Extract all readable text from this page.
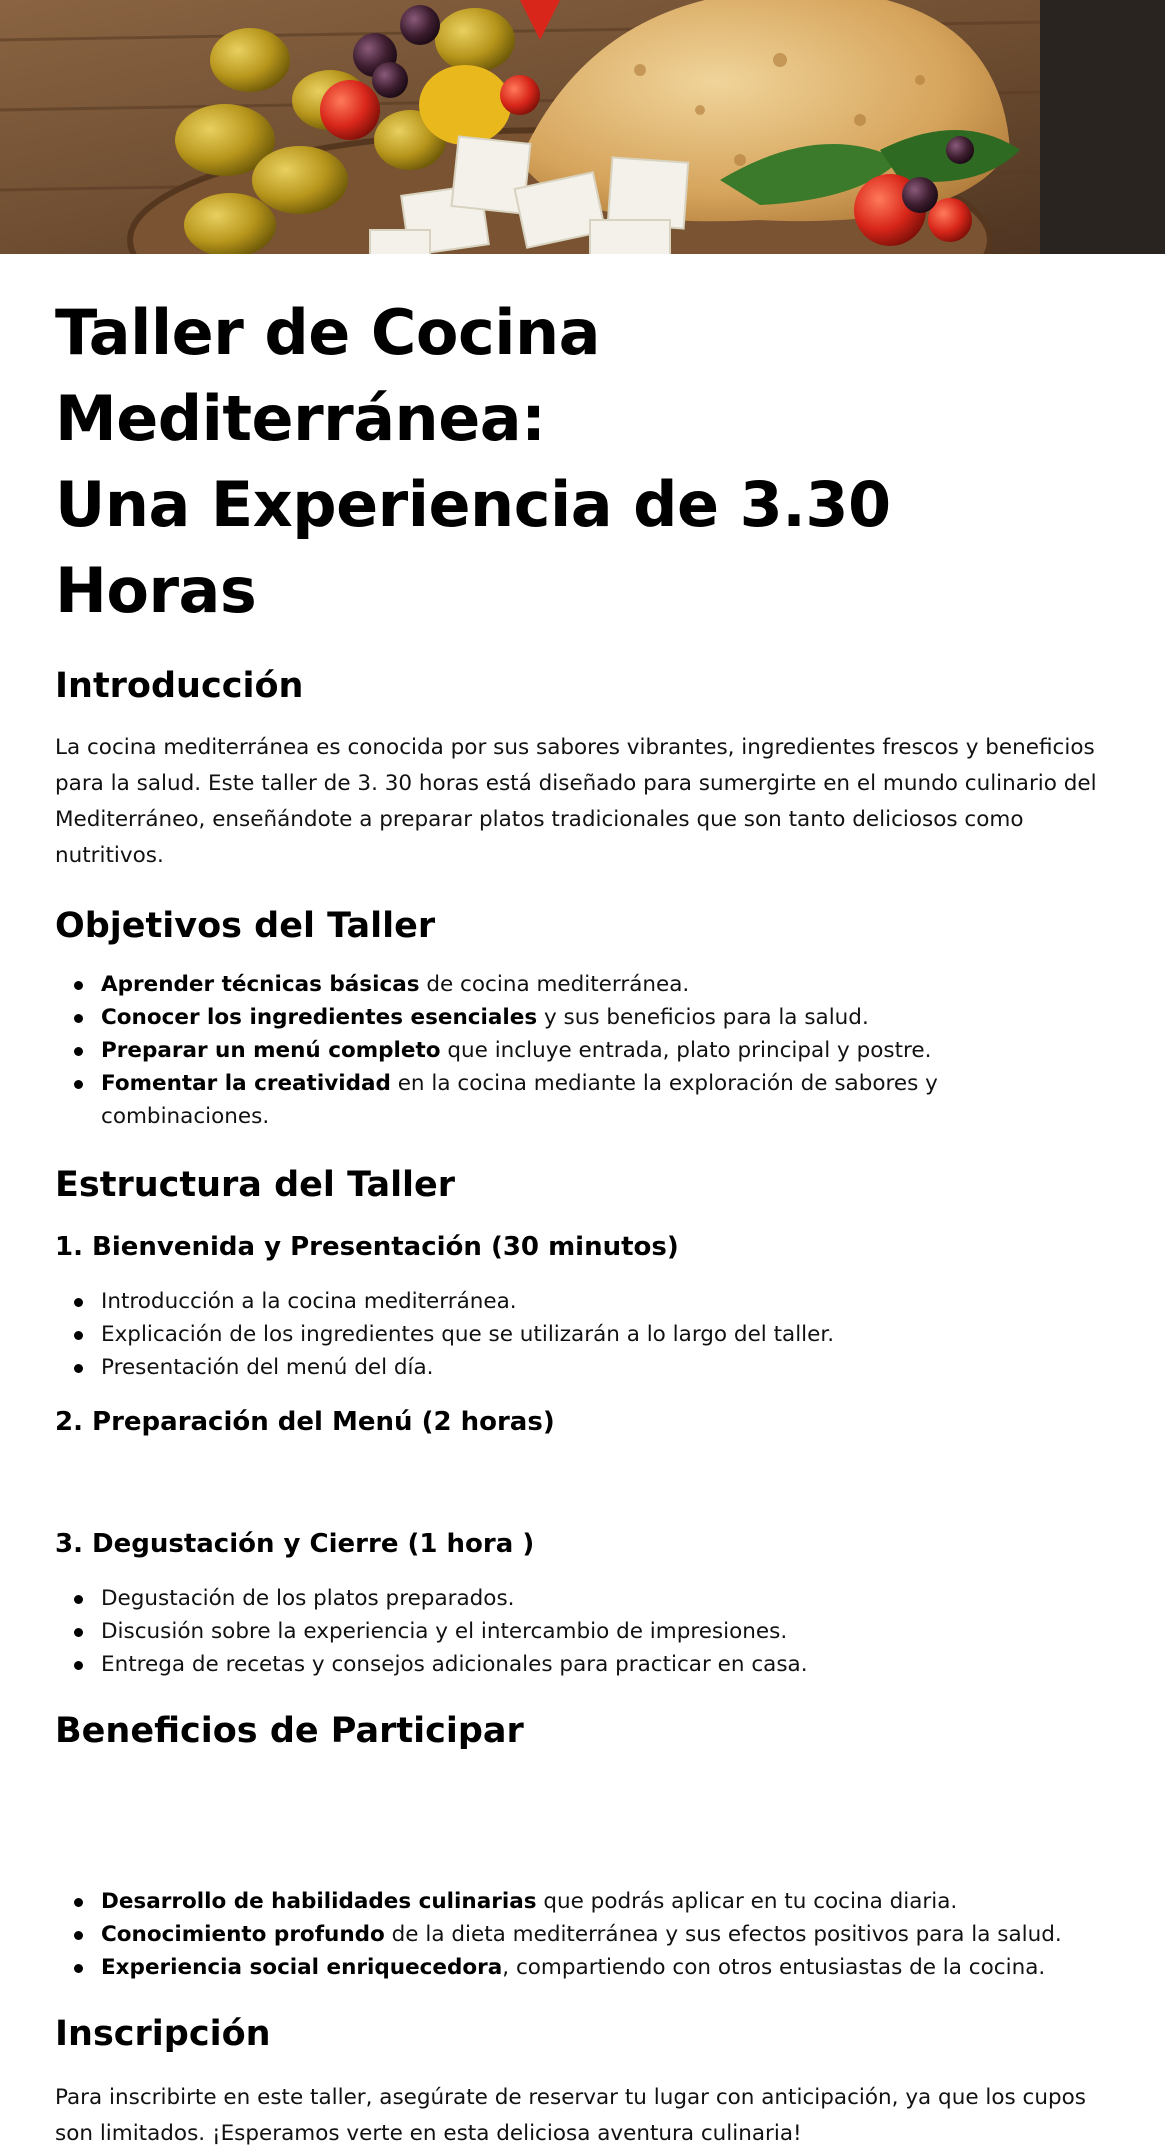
Taller de Cocina Mediterránea:
Una Experiencia de 3.30 Horas
Introducción

La cocina mediterránea es conocida por sus sabores vibrantes, ingredientes frescos y beneficios para la salud. Este taller de 3. 30 horas está diseñado para sumergirte en el mundo culinario del Mediterráneo, enseñándote a preparar platos tradicionales que son tanto deliciosos como nutritivos.

Objetivos del Taller
Aprender técnicas básicas de cocina mediterránea.
Conocer los ingredientes esenciales y sus beneficios para la salud.
Preparar un menú completo que incluye entrada, plato principal y postre.
Fomentar la creatividad en la cocina mediante la exploración de sabores y combinaciones.
Estructura del Taller
1. Bienvenida y Presentación (30 minutos)
Introducción a la cocina mediterránea.
Explicación de los ingredientes que se utilizarán a lo largo del taller.
Presentación del menú del día.
2. Preparación del Menú (2 horas)
3. Degustación y Cierre (1 hora )
Degustación de los platos preparados.
Discusión sobre la experiencia y el intercambio de impresiones.
Entrega de recetas y consejos adicionales para practicar en casa.
Beneficios de Participar
Desarrollo de habilidades culinarias que podrás aplicar en tu cocina diaria.
Conocimiento profundo de la dieta mediterránea y sus efectos positivos para la salud.
Experiencia social enriquecedora, compartiendo con otros entusiastas de la cocina.
Inscripción

Para inscribirte en este taller, asegúrate de reservar tu lugar con anticipación, ya que los cupos son limitados. ¡Esperamos verte en esta deliciosa aventura culinaria!
